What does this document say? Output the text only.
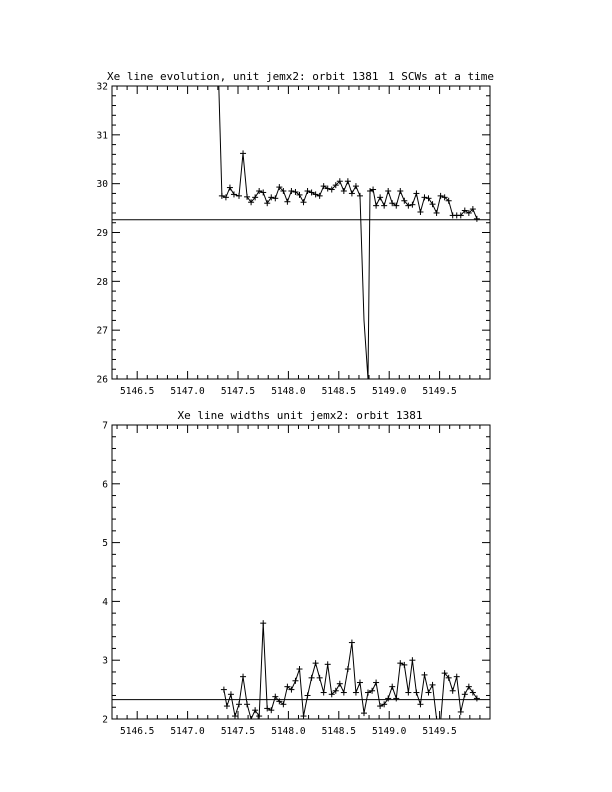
Xe line evolution, unit jemx2: orbit 1381 1 SCWs at a time
5146.5 5147.0 5147.5 5148.0 5148.5 5149.0 5149.5
26
27
28
29
30
31
32
Xe line widths unit jemx2: orbit 1381
5146.5 5147.0 5147.5 5148.0 5148.5 5149.0 5149.5
2
3
4
5
6
7
